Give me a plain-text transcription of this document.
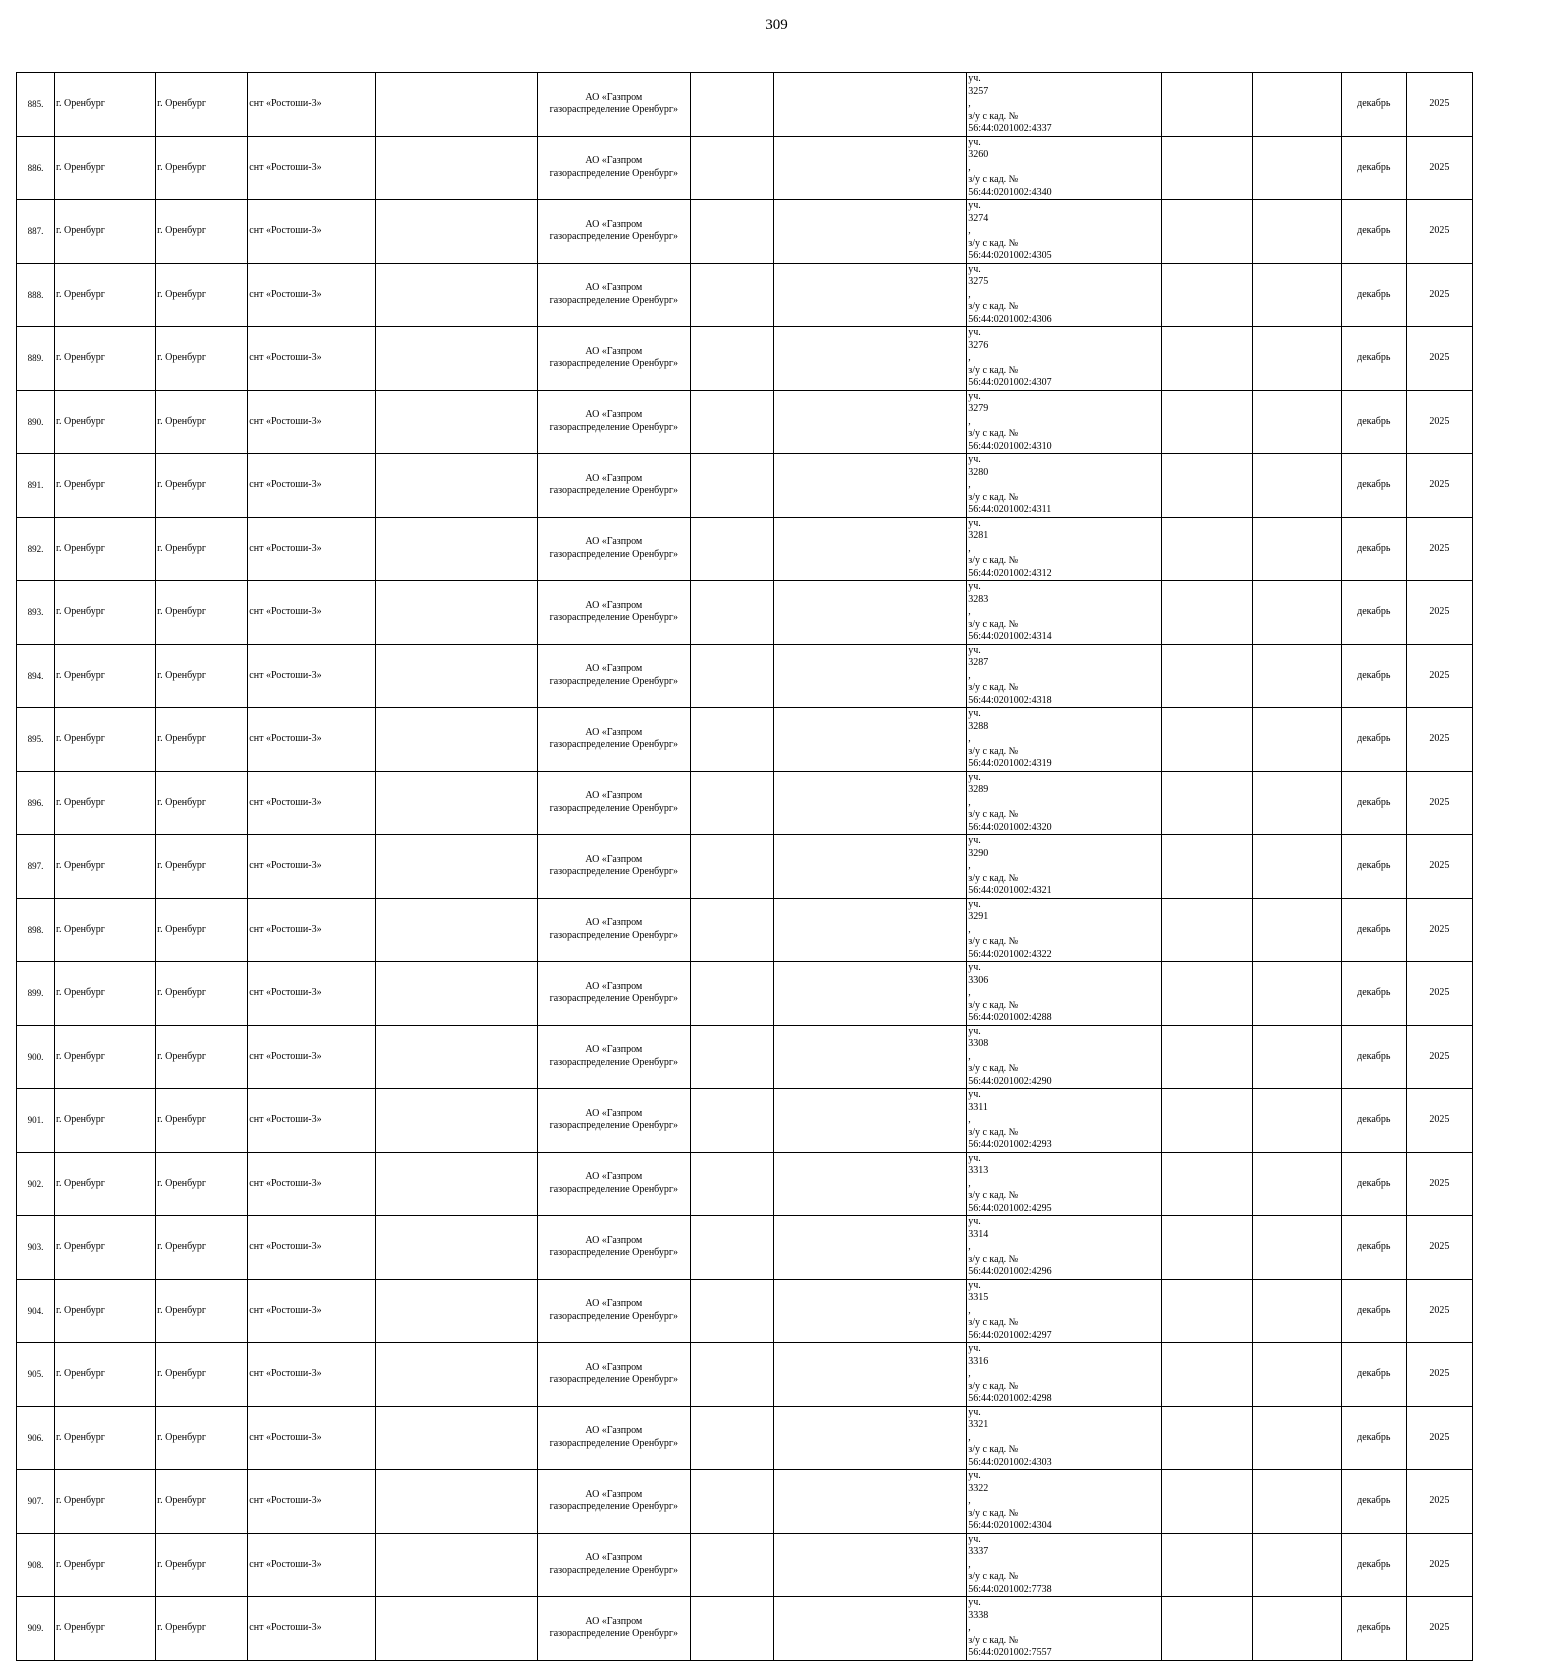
309
885.	г. Оренбург	г. Оренбург	снт «Ростоши-3»		АО «Газпром
газораспределение Оренбург»			уч.
3257
,
з/у с кад. №
56:44:0201002:4337			декабрь	2025
886.	г. Оренбург	г. Оренбург	снт «Ростоши-3»		АО «Газпром
газораспределение Оренбург»			уч.
3260
,
з/у с кад. №
56:44:0201002:4340			декабрь	2025
887.	г. Оренбург	г. Оренбург	снт «Ростоши-3»		АО «Газпром
газораспределение Оренбург»			уч.
3274
,
з/у с кад. №
56:44:0201002:4305			декабрь	2025
888.	г. Оренбург	г. Оренбург	снт «Ростоши-3»		АО «Газпром
газораспределение Оренбург»			уч.
3275
,
з/у с кад. №
56:44:0201002:4306			декабрь	2025
889.	г. Оренбург	г. Оренбург	снт «Ростоши-3»		АО «Газпром
газораспределение Оренбург»			уч.
3276
,
з/у с кад. №
56:44:0201002:4307			декабрь	2025
890.	г. Оренбург	г. Оренбург	снт «Ростоши-3»		АО «Газпром
газораспределение Оренбург»			уч.
3279
,
з/у с кад. №
56:44:0201002:4310			декабрь	2025
891.	г. Оренбург	г. Оренбург	снт «Ростоши-3»		АО «Газпром
газораспределение Оренбург»			уч.
3280
,
з/у с кад. №
56:44:0201002:4311			декабрь	2025
892.	г. Оренбург	г. Оренбург	снт «Ростоши-3»		АО «Газпром
газораспределение Оренбург»			уч.
3281
,
з/у с кад. №
56:44:0201002:4312			декабрь	2025
893.	г. Оренбург	г. Оренбург	снт «Ростоши-3»		АО «Газпром
газораспределение Оренбург»			уч.
3283
,
з/у с кад. №
56:44:0201002:4314			декабрь	2025
894.	г. Оренбург	г. Оренбург	снт «Ростоши-3»		АО «Газпром
газораспределение Оренбург»			уч.
3287
,
з/у с кад. №
56:44:0201002:4318			декабрь	2025
895.	г. Оренбург	г. Оренбург	снт «Ростоши-3»		АО «Газпром
газораспределение Оренбург»			уч.
3288
,
з/у с кад. №
56:44:0201002:4319			декабрь	2025
896.	г. Оренбург	г. Оренбург	снт «Ростоши-3»		АО «Газпром
газораспределение Оренбург»			уч.
3289
,
з/у с кад. №
56:44:0201002:4320			декабрь	2025
897.	г. Оренбург	г. Оренбург	снт «Ростоши-3»		АО «Газпром
газораспределение Оренбург»			уч.
3290
,
з/у с кад. №
56:44:0201002:4321			декабрь	2025
898.	г. Оренбург	г. Оренбург	снт «Ростоши-3»		АО «Газпром
газораспределение Оренбург»			уч.
3291
,
з/у с кад. №
56:44:0201002:4322			декабрь	2025
899.	г. Оренбург	г. Оренбург	снт «Ростоши-3»		АО «Газпром
газораспределение Оренбург»			уч.
3306
,
з/у с кад. №
56:44:0201002:4288			декабрь	2025
900.	г. Оренбург	г. Оренбург	снт «Ростоши-3»		АО «Газпром
газораспределение Оренбург»			уч.
3308
,
з/у с кад. №
56:44:0201002:4290			декабрь	2025
901.	г. Оренбург	г. Оренбург	снт «Ростоши-3»		АО «Газпром
газораспределение Оренбург»			уч.
3311
,
з/у с кад. №
56:44:0201002:4293			декабрь	2025
902.	г. Оренбург	г. Оренбург	снт «Ростоши-3»		АО «Газпром
газораспределение Оренбург»			уч.
3313
,
з/у с кад. №
56:44:0201002:4295			декабрь	2025
903.	г. Оренбург	г. Оренбург	снт «Ростоши-3»		АО «Газпром
газораспределение Оренбург»			уч.
3314
,
з/у с кад. №
56:44:0201002:4296			декабрь	2025
904.	г. Оренбург	г. Оренбург	снт «Ростоши-3»		АО «Газпром
газораспределение Оренбург»			уч.
3315
,
з/у с кад. №
56:44:0201002:4297			декабрь	2025
905.	г. Оренбург	г. Оренбург	снт «Ростоши-3»		АО «Газпром
газораспределение Оренбург»			уч.
3316
,
з/у с кад. №
56:44:0201002:4298			декабрь	2025
906.	г. Оренбург	г. Оренбург	снт «Ростоши-3»		АО «Газпром
газораспределение Оренбург»			уч.
3321
,
з/у с кад. №
56:44:0201002:4303			декабрь	2025
907.	г. Оренбург	г. Оренбург	снт «Ростоши-3»		АО «Газпром
газораспределение Оренбург»			уч.
3322
,
з/у с кад. №
56:44:0201002:4304			декабрь	2025
908.	г. Оренбург	г. Оренбург	снт «Ростоши-3»		АО «Газпром
газораспределение Оренбург»			уч.
3337
,
з/у с кад. №
56:44:0201002:7738			декабрь	2025
909.	г. Оренбург	г. Оренбург	снт «Ростоши-3»		АО «Газпром
газораспределение Оренбург»			уч.
3338
,
з/у с кад. №
56:44:0201002:7557			декабрь	2025
